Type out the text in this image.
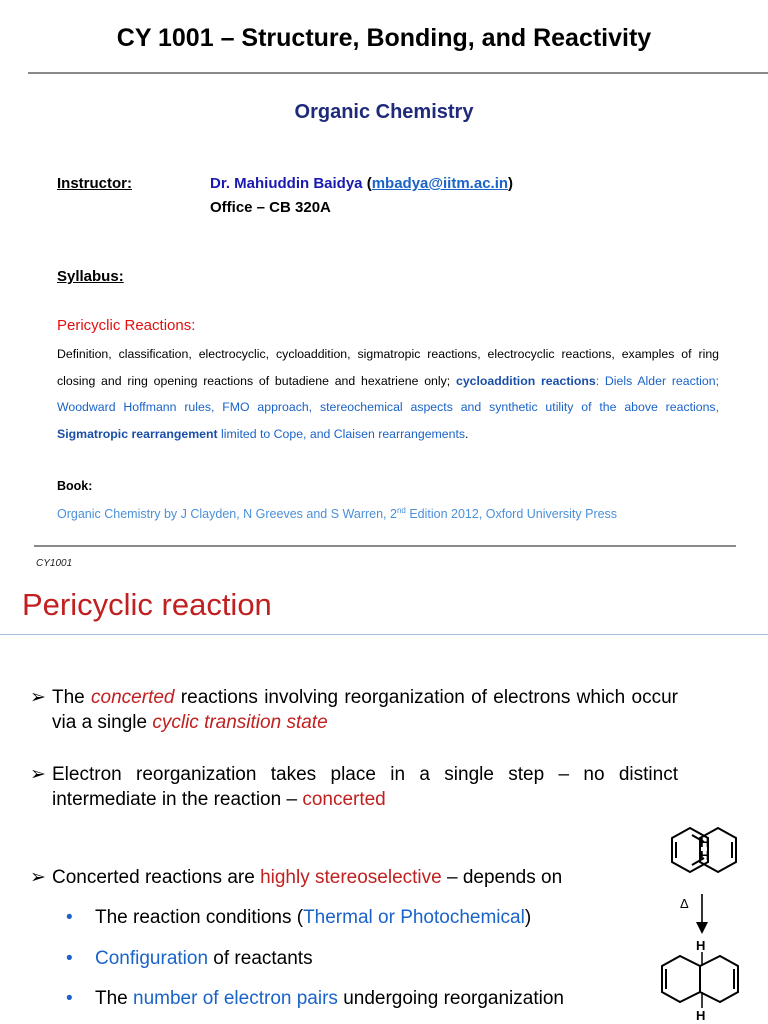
CY 1001 – Structure, Bonding, and Reactivity
Organic Chemistry
Instructor:	Dr. Mahiuddin Baidya (mbadya@iitm.ac.in)
Office – CB 320A
Syllabus:
Pericyclic Reactions:
Definition, classification, electrocyclic, cycloaddition, sigmatropic reactions, electrocyclic reactions, examples of ring closing and ring opening reactions of butadiene and hexatriene only; cycloaddition reactions: Diels Alder reaction; Woodward Hoffmann rules, FMO approach, stereochemical aspects and synthetic utility of the above reactions, Sigmatropic rearrangement limited to Cope, and Claisen rearrangements.
Book:
Organic Chemistry by J Clayden, N Greeves and S Warren, 2nd Edition 2012, Oxford University Press
CY1001
Pericyclic reaction
➢ The concerted reactions involving reorganization of electrons which occur via a single cyclic transition state
➢ Electron reorganization takes place in a single step – no distinct intermediate in the reaction – concerted
➢ Concerted reactions are highly stereoselective – depends on
• The reaction conditions (Thermal or Photochemical)
• Configuration of reactants
• The number of electron pairs undergoing reorganization
H
H
Δ
H
H
